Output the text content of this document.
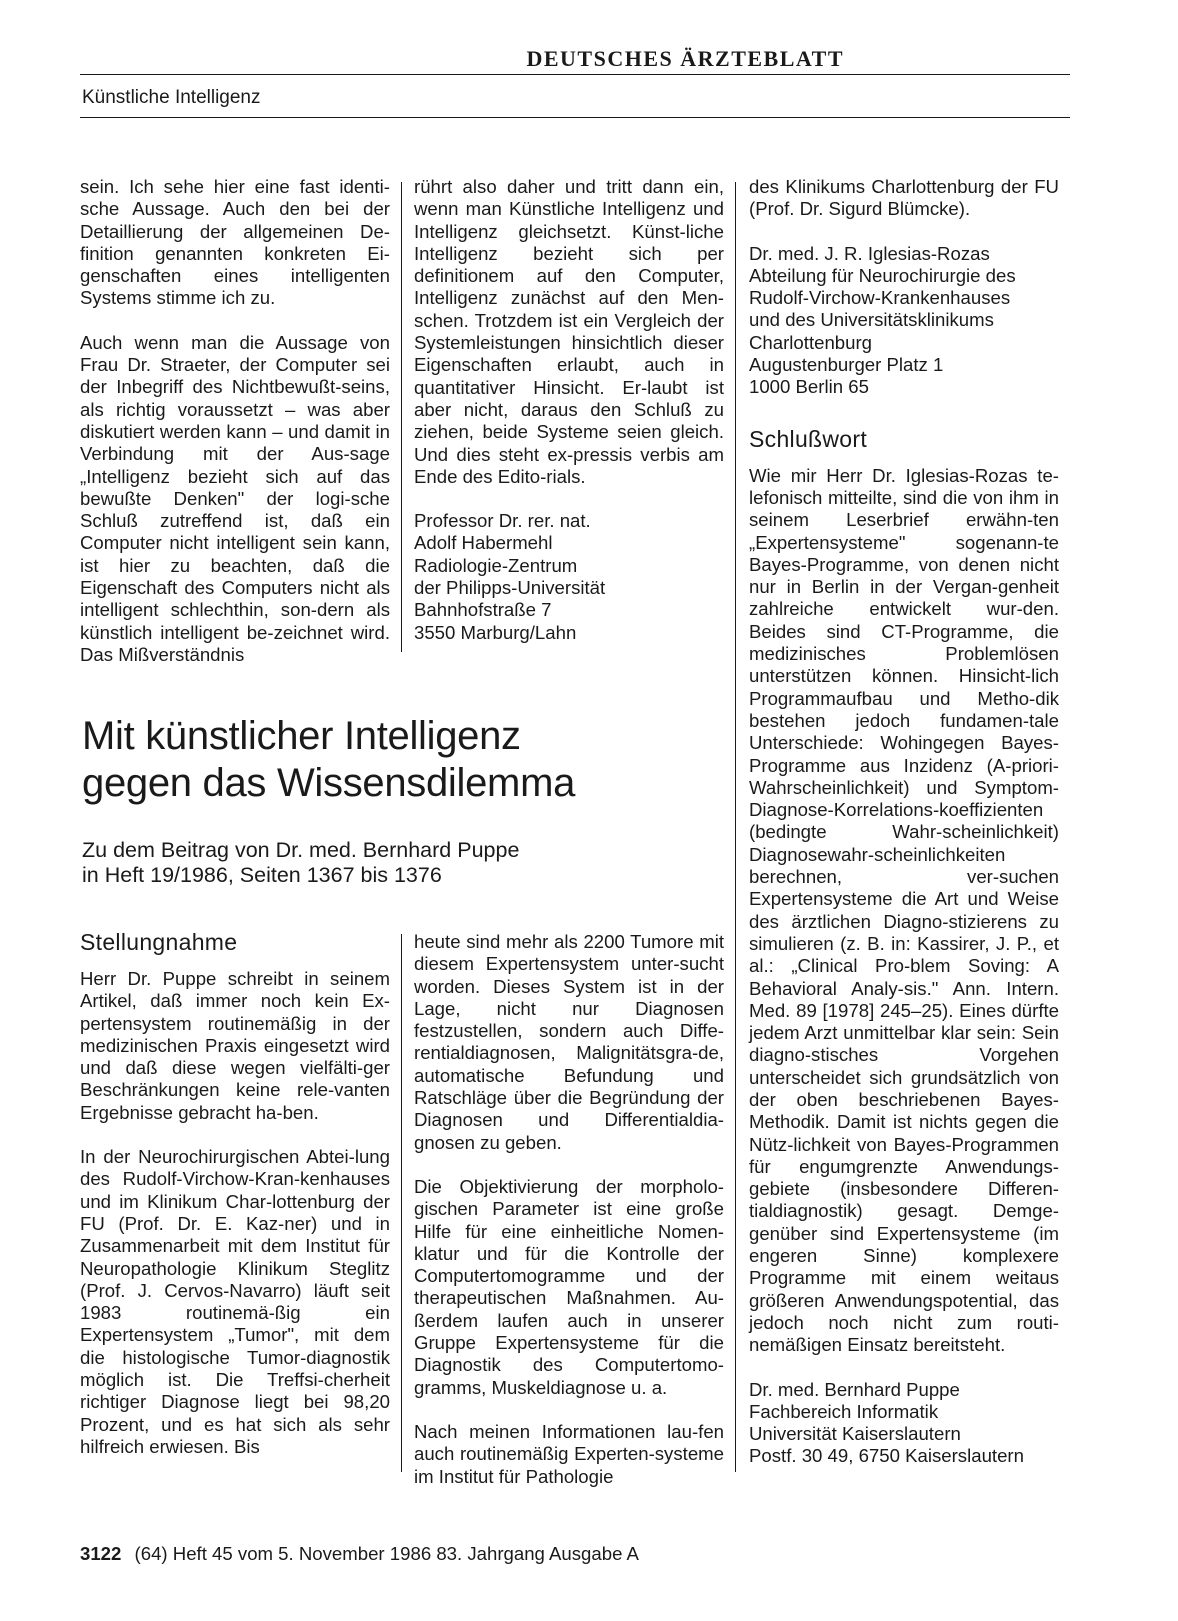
DEUTSCHES ÄRZTEBLATT
Künstliche Intelligenz

sein. Ich sehe hier eine fast identi-sche Aussage. Auch den bei der Detaillierung der allgemeinen De-finition genannten konkreten Ei-genschaften eines intelligenten Systems stimme ich zu.

Auch wenn man die Aussage von Frau Dr. Straeter, der Computer sei der Inbegriff des Nichtbewußt-seins, als richtig voraussetzt – was aber diskutiert werden kann – und damit in Verbindung mit der Aus-sage „Intelligenz bezieht sich auf das bewußte Denken" der logi-sche Schluß zutreffend ist, daß ein Computer nicht intelligent sein kann, ist hier zu beachten, daß die Eigenschaft des Computers nicht als intelligent schlechthin, son-dern als künstlich intelligent be-zeichnet wird. Das Mißverständnis

rührt also daher und tritt dann ein, wenn man Künstliche Intelligenz und Intelligenz gleichsetzt. Künst-liche Intelligenz bezieht sich per definitionem auf den Computer, Intelligenz zunächst auf den Men-schen. Trotzdem ist ein Vergleich der Systemleistungen hinsichtlich dieser Eigenschaften erlaubt, auch in quantitativer Hinsicht. Er-laubt ist aber nicht, daraus den Schluß zu ziehen, beide Systeme seien gleich. Und dies steht ex-pressis verbis am Ende des Edito-rials.

Professor Dr. rer. nat.
Adolf Habermehl
Radiologie-Zentrum
der Philipps-Universität
Bahnhofstraße 7
3550 Marburg/Lahn

des Klinikums Charlottenburg der FU (Prof. Dr. Sigurd Blümcke).

Dr. med. J. R. Iglesias-Rozas
Abteilung für Neurochirurgie des
Rudolf-Virchow-Krankenhauses
und des Universitätsklinikums
Charlottenburg
Augustenburger Platz 1
1000 Berlin 65

Schlußwort

Wie mir Herr Dr. Iglesias-Rozas te-lefonisch mitteilte, sind die von ihm in seinem Leserbrief erwähn-ten „Expertensysteme" sogenann-te Bayes-Programme, von denen nicht nur in Berlin in der Vergan-genheit zahlreiche entwickelt wur-den. Beides sind CT-Programme, die medizinisches Problemlösen unterstützen können. Hinsicht-lich Programmaufbau und Metho-dik bestehen jedoch fundamen-tale Unterschiede: Wohingegen Bayes-Programme aus Inzidenz (A-priori-Wahrscheinlichkeit) und Symptom-Diagnose-Korrelations-koeffizienten (bedingte Wahr-scheinlichkeit) Diagnosewahr-scheinlichkeiten berechnen, ver-suchen Expertensysteme die Art und Weise des ärztlichen Diagno-stizierens zu simulieren (z. B. in: Kassirer, J. P., et al.: „Clinical Pro-blem Soving: A Behavioral Analy-sis." Ann. Intern. Med. 89 [1978] 245–25). Eines dürfte jedem Arzt unmittelbar klar sein: Sein diagno-stisches Vorgehen unterscheidet sich grundsätzlich von der oben beschriebenen Bayes-Methodik. Damit ist nichts gegen die Nütz-lichkeit von Bayes-Programmen für engumgrenzte Anwendungs-gebiete (insbesondere Differen-tialdiagnostik) gesagt. Demge-genüber sind Expertensysteme (im engeren Sinne) komplexere Programme mit einem weitaus größeren Anwendungspotential, das jedoch noch nicht zum routi-nemäßigen Einsatz bereitsteht.

Dr. med. Bernhard Puppe
Fachbereich Informatik
Universität Kaiserslautern
Postf. 30 49, 6750 Kaiserslautern

Mit künstlicher Intelligenz
gegen das Wissensdilemma
Zu dem Beitrag von Dr. med. Bernhard Puppe
in Heft 19/1986, Seiten 1367 bis 1376
Stellungnahme

Herr Dr. Puppe schreibt in seinem Artikel, daß immer noch kein Ex-pertensystem routinemäßig in der medizinischen Praxis eingesetzt wird und daß diese wegen vielfälti-ger Beschränkungen keine rele-vanten Ergebnisse gebracht ha-ben.

In der Neurochirurgischen Abtei-lung des Rudolf-Virchow-Kran-kenhauses und im Klinikum Char-lottenburg der FU (Prof. Dr. E. Kaz-ner) und in Zusammenarbeit mit dem Institut für Neuropathologie Klinikum Steglitz (Prof. J. Cervos-Navarro) läuft seit 1983 routinemä-ßig ein Expertensystem „Tumor", mit dem die histologische Tumor-diagnostik möglich ist. Die Treffsi-cherheit richtiger Diagnose liegt bei 98,20 Prozent, und es hat sich als sehr hilfreich erwiesen. Bis

heute sind mehr als 2200 Tumore mit diesem Expertensystem unter-sucht worden. Dieses System ist in der Lage, nicht nur Diagnosen festzustellen, sondern auch Diffe-rentialdiagnosen, Malignitätsgra-de, automatische Befundung und Ratschläge über die Begründung der Diagnosen und Differentialdia-gnosen zu geben.

Die Objektivierung der morpholo-gischen Parameter ist eine große Hilfe für eine einheitliche Nomen-klatur und für die Kontrolle der Computertomogramme und der therapeutischen Maßnahmen. Au-ßerdem laufen auch in unserer Gruppe Expertensysteme für die Diagnostik des Computertomo-gramms, Muskeldiagnose u. a.

Nach meinen Informationen lau-fen auch routinemäßig Experten-systeme im Institut für Pathologie

3122 (64) Heft 45 vom 5. November 1986 83. Jahrgang Ausgabe A
